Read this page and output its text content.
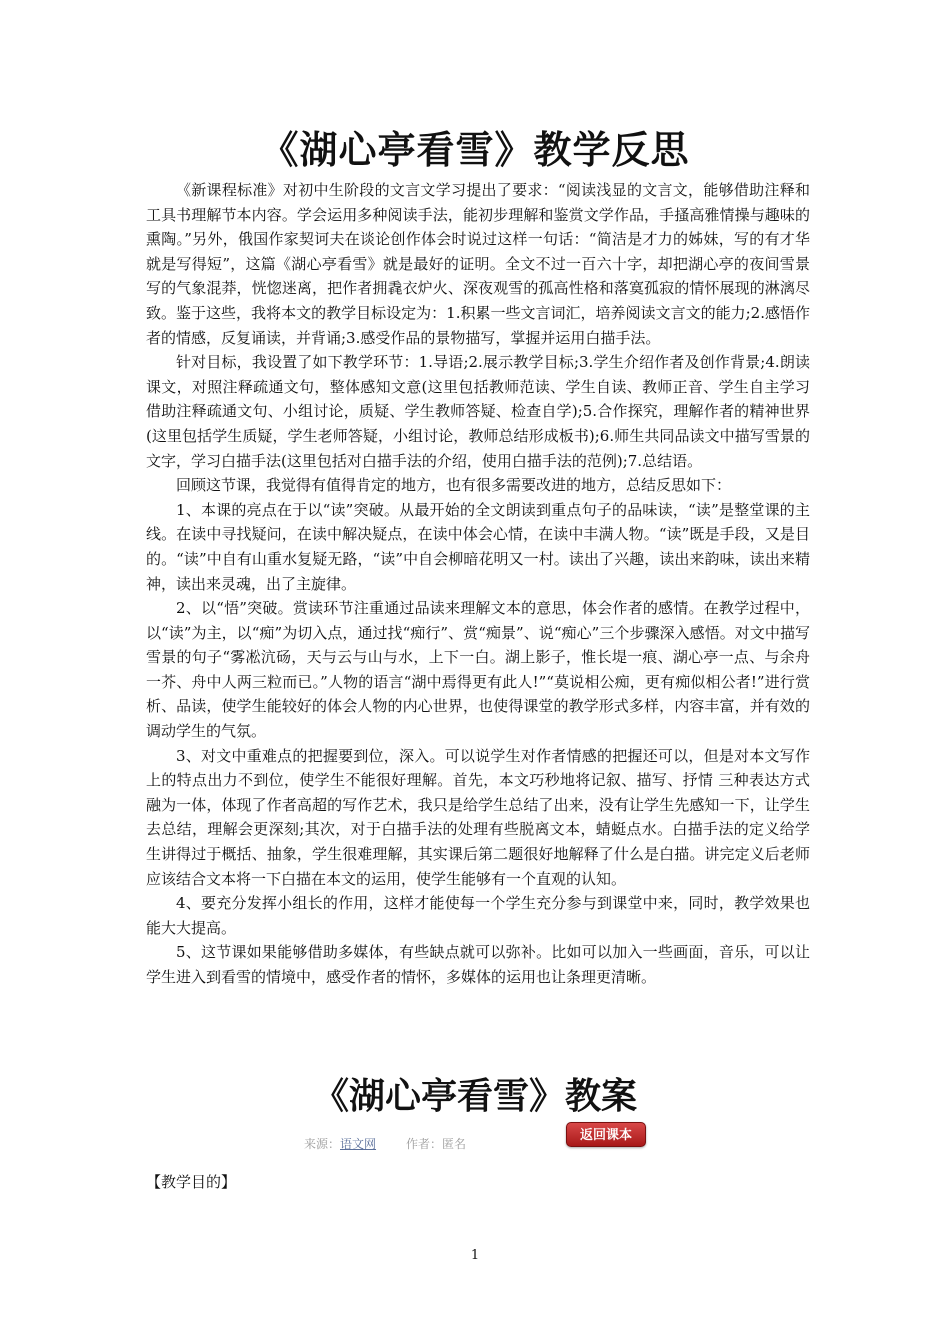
《湖心亭看雪》教学反思

《新课程标准》对初中生阶段的文言文学习提出了要求：“阅读浅显的文言文，能够借助注释和工具书理解节本内容。学会运用多种阅读手法，能初步理解和鉴赏文学作品，手搔高雅情操与趣味的熏陶。”另外，俄国作家契诃夫在谈论创作体会时说过这样一句话：“简洁是才力的姊妹，写的有才华就是写得短”，这篇《湖心亭看雪》就是最好的证明。全文不过一百六十字，却把湖心亭的夜间雪景写的气象混莽，恍惚迷离，把作者拥毳衣炉火、深夜观雪的孤高性格和落寞孤寂的情怀展现的淋漓尽致。鉴于这些，我将本文的教学目标设定为：1.积累一些文言词汇，培养阅读文言文的能力;2.感悟作者的情感，反复诵读，并背诵;3.感受作品的景物描写，掌握并运用白描手法。

针对目标，我设置了如下教学环节：1.导语;2.展示教学目标;3.学生介绍作者及创作背景;4.朗读课文，对照注释疏通文句，整体感知文意(这里包括教师范读、学生自读、教师正音、学生自主学习借助注释疏通文句、小组讨论，质疑、学生教师答疑、检查自学);5.合作探究，理解作者的精神世界(这里包括学生质疑，学生老师答疑，小组讨论，教师总结形成板书);6.师生共同品读文中描写雪景的文字，学习白描手法(这里包括对白描手法的介绍，使用白描手法的范例);7.总结语。

回顾这节课，我觉得有值得肯定的地方，也有很多需要改进的地方，总结反思如下：

1、本课的亮点在于以“读”突破。从最开始的全文朗读到重点句子的品味读，“读”是整堂课的主线。在读中寻找疑问，在读中解决疑点，在读中体会心情，在读中丰满人物。“读”既是手段，又是目的。“读”中自有山重水复疑无路，“读”中自会柳暗花明又一村。读出了兴趣，读出来韵味，读出来精神，读出来灵魂，出了主旋律。

2、以“悟”突破。赏读环节注重通过品读来理解文本的意思，体会作者的感情。在教学过程中，以“读”为主，以“痴”为切入点，通过找“痴行”、赏“痴景”、说“痴心”三个步骤深入感悟。对文中描写雪景的句子“雾凇沆砀，天与云与山与水，上下一白。湖上影子，惟长堤一痕、湖心亭一点、与余舟一芥、舟中人两三粒而已。”人物的语言“湖中焉得更有此人!”“莫说相公痴，更有痴似相公者!”进行赏析、品读，使学生能较好的体会人物的内心世界，也使得课堂的教学形式多样，内容丰富，并有效的调动学生的气氛。

3、对文中重难点的把握要到位，深入。可以说学生对作者情感的把握还可以，但是对本文写作上的特点出力不到位，使学生不能很好理解。首先，本文巧秒地将记叙、描写、抒情 三种表达方式融为一体，体现了作者高超的写作艺术，我只是给学生总结了出来，没有让学生先感知一下，让学生去总结，理解会更深刻;其次，对于白描手法的处理有些脱离文本，蜻蜓点水。白描手法的定义给学生讲得过于概括、抽象，学生很难理解，其实课后第二题很好地解释了什么是白描。讲完定义后老师应该结合文本将一下白描在本文的运用，使学生能够有一个直观的认知。

4、要充分发挥小组长的作用，这样才能使每一个学生充分参与到课堂中来，同时，教学效果也能大大提高。

5、这节课如果能够借助多媒体，有些缺点就可以弥补。比如可以加入一些画面，音乐，可以让学生进入到看雪的情境中，感受作者的情怀，多媒体的运用也让条理更清晰。

《湖心亭看雪》教案
来源：语文网	作者：匿名
返回课本
【教学目的】
1
